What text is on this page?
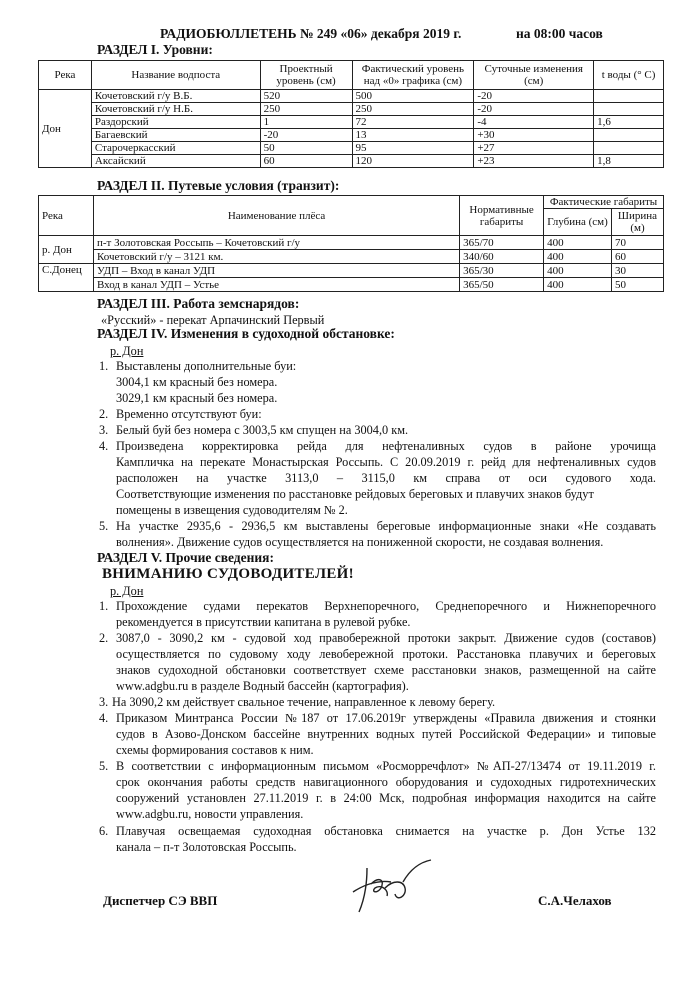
РАДИОБЮЛЛЕТЕНЬ № 249 «06» декабря 2019 г.	на 08:00 часов
РАЗДЕЛ I. Уровни:
Река	Название водпоста	Проектный уровень (см)	Фактический уровень над «0» графика (см)	Суточные изменения (см)	t воды (° С)
Дон	Кочетовский г/у В.Б.	520	500	-20	
	Кочетовский г/у Н.Б.	250	250	-20	
	Раздорский	1	72	-4	1,6
	Багаевский	-20	13	+30	
	Старочеркасский	50	95	+27	
	Аксайский	60	120	+23	1,8
РАЗДЕЛ II. Путевые условия (транзит):
Река	Наименование плёса	Нормативные габариты	Фактические габариты	
			Глубина (см)	Ширина (м)
р. Дон	п-т Золотовская Россыпь – Кочетовский г/у	365/70	400	70
	Кочетовский г/у – 3121 км.	340/60	400	60
С.Донец	УДП – Вход в канал УДП	365/30	400	30
	Вход в канал УДП – Устье	365/50	400	50
РАЗДЕЛ III. Работа земснарядов:
«Русский» - перекат Арпачинский Первый
РАЗДЕЛ IV. Изменения в судоходной обстановке:
р. Дон
1. Выставлены дополнительные буи:
3004,1 км красный без номера.
3029,1 км красный без номера.
2. Временно отсутствуют буи:
3. Белый буй без номера с 3003,5 км спущен на 3004,0 км.
4. Произведена корректировка рейда для нефтеналивных судов в районе урочища
Кампличка на перекате Монастырская Россыпь. С 20.09.2019 г. рейд для нефтеналивных судов
расположен на участке 3113,0 – 3115,0 км справа от оси судового хода.
Соответствующие изменения по расстановке рейдовых береговых и плавучих знаков будут
помещены в извещения судоводителям № 2.
5. На участке 2935,6 - 2936,5 км выставлены береговые информационные знаки «Не создавать
волнения». Движение судов осуществляется на пониженной скорости, не создавая волнения.
РАЗДЕЛ V. Прочие сведения:
ВНИМАНИЮ СУДОВОДИТЕЛЕЙ!
р. Дон
1. Прохождение судами перекатов Верхнепоречного, Среднепоречного и Нижнепоречного
рекомендуется в присутствии капитана в рулевой рубке.
2. 3087,0 - 3090,2 км - судовой ход правобережной протоки закрыт. Движение судов (составов)
осуществляется по судовому ходу левобережной протоки. Расстановка плавучих и береговых
знаков судоходной обстановки соответствует схеме расстановки знаков, размещенной на сайте
www.adgbu.ru в разделе Водный бассейн (картография).
3. На 3090,2 км действует свальное течение, направленное к левому берегу.
4. Приказом Минтранса России №187 от 17.06.2019г утверждены «Правила движения и стоянки
судов в Азово-Донском бассейне внутренних водных путей Российской Федерации» и типовые
схемы формирования составов к ним.
5. В соответствии с информационным письмом «Росморречфлот» №АП-27/13474 от 19.11.2019 г.
срок окончания работы средств навигационного оборудования и судоходных гидротехнических
сооружений установлен 27.11.2019 г. в 24:00 Мск, подробная информация находится на сайте
www.adgbu.ru, новости управления.
6. Плавучая освещаемая судоходная обстановка снимается на участке р. Дон Устье 132
канала – п-т Золотовская Россыпь.
Диспетчер СЭ ВВП	С.А.Челахов
